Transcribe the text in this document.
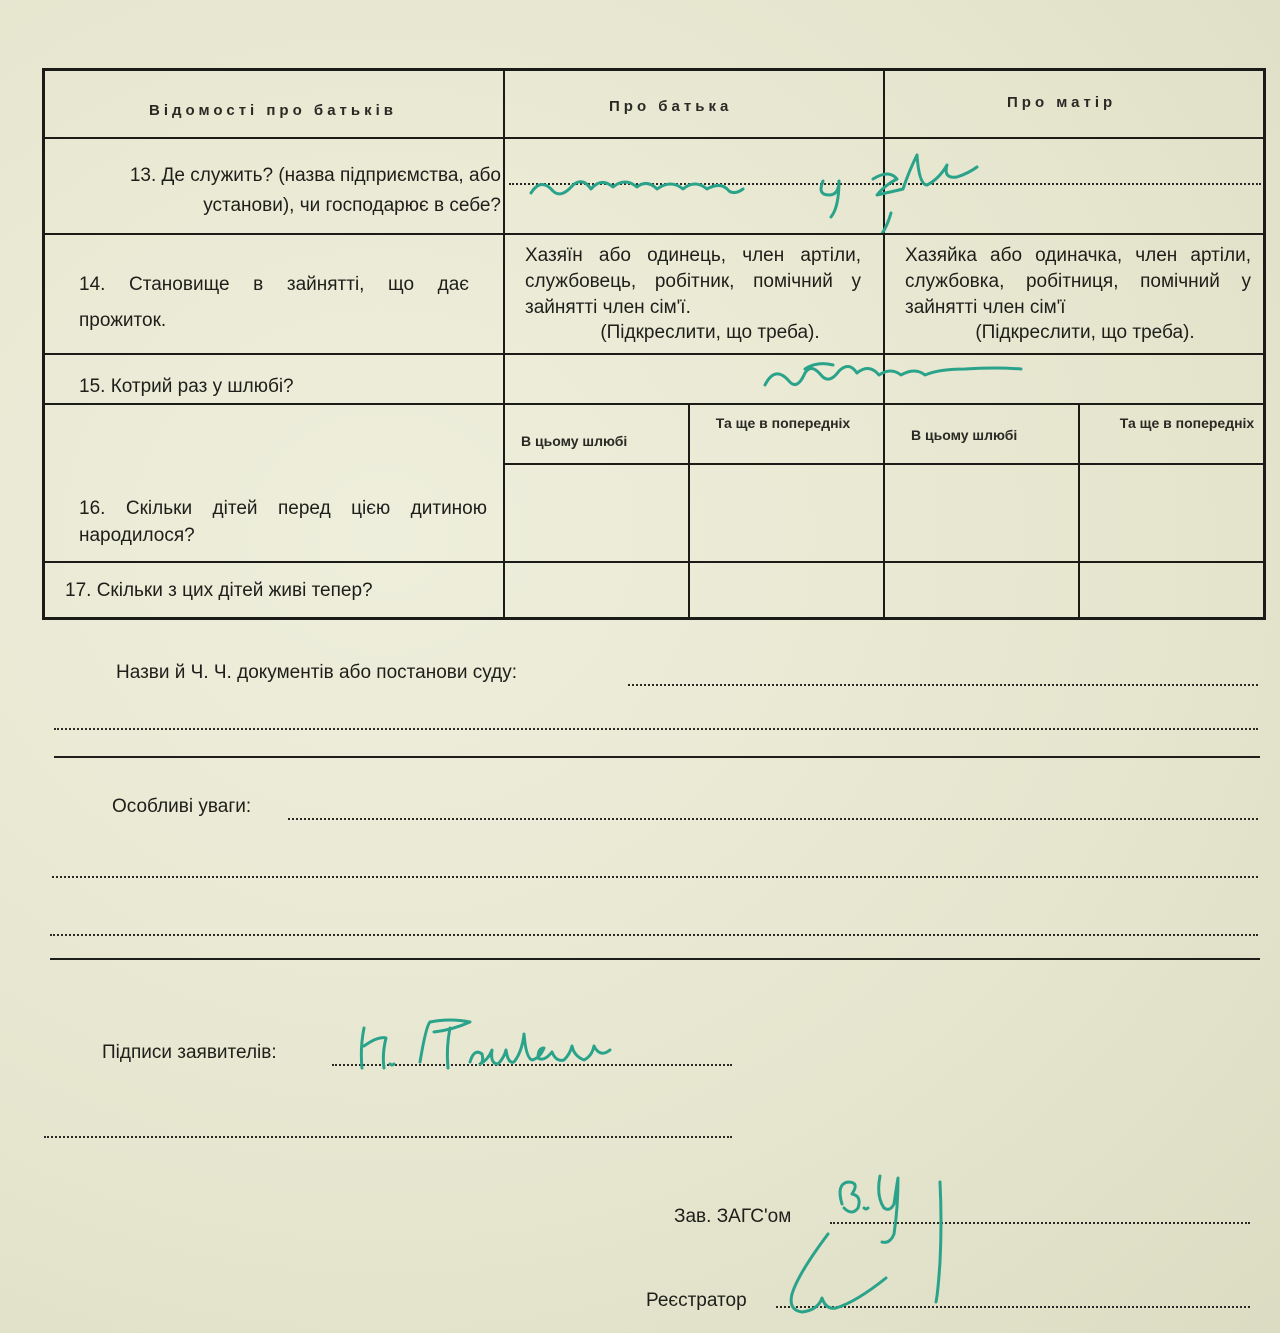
Відомості про батьків	Про батька	Про матір
13. Де служить? (назва підприємства, або установи), чи господарює в себе?
14. Становище в зайнятті, що дає прожиток.
Хазяїн або одинець, член артіли, службовець, робітник, помічний у зайнятті член сім'ї.
(Підкреслити, що треба).
Хазяйка або одиначка, член артіли, службовка, робітниця, помічний у зайнятті член сім'ї
(Підкреслити, що треба).
15. Котрий раз у шлюбі?
В цьому шлюбі
Та ще в попередніх
В цьому шлюбі
Та ще в попередніх
16. Скільки дітей перед цією дитиною народилося?
17. Скільки з цих дітей живі тепер?
Назви й Ч. Ч. документів або постанови суду:
Особливі уваги:
Підписи заявителів:
Зав. ЗАГС'ом
Реєстратор
